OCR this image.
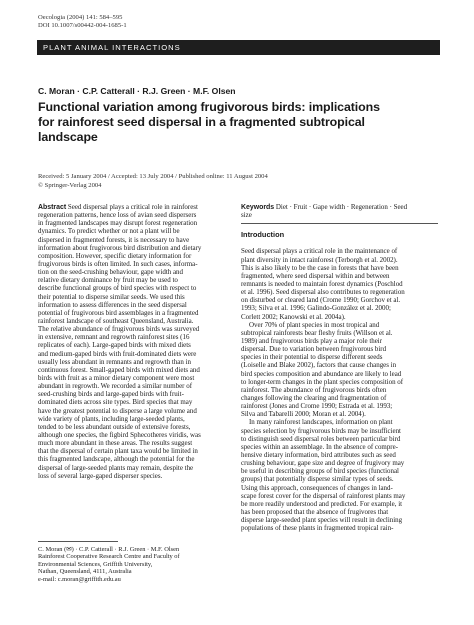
Oecologia (2004) 141: 584–595
DOI 10.1007/s00442-004-1685-1
PLANT ANIMAL INTERACTIONS
C. Moran · C.P. Catterall · R.J. Green · M.F. Olsen
Functional variation among frugivorous birds: implications
for rainforest seed dispersal in a fragmented subtropical
landscape
Received: 5 January 2004 / Accepted: 13 July 2004 / Published online: 11 August 2004
© Springer-Verlag 2004
Abstract Seed dispersal plays a critical role in rainforest
regeneration patterns, hence loss of avian seed dispersers
in fragmented landscapes may disrupt forest regeneration
dynamics. To predict whether or not a plant will be
dispersed in fragmented forests, it is necessary to have
information about frugivorous bird distribution and dietary
composition. However, specific dietary information for
frugivorous birds is often limited. In such cases, informa-
tion on the seed-crushing behaviour, gape width and
relative dietary dominance by fruit may be used to
describe functional groups of bird species with respect to
their potential to disperse similar seeds. We used this
information to assess differences in the seed dispersal
potential of frugivorous bird assemblages in a fragmented
rainforest landscape of southeast Queensland, Australia.
The relative abundance of frugivorous birds was surveyed
in extensive, remnant and regrowth rainforest sites (16
replicates of each). Large-gaped birds with mixed diets
and medium-gaped birds with fruit-dominated diets were
usually less abundant in remnants and regrowth than in
continuous forest. Small-gaped birds with mixed diets and
birds with fruit as a minor dietary component were most
abundant in regrowth. We recorded a similar number of
seed-crushing birds and large-gaped birds with fruit-
dominated diets across site types. Bird species that may
have the greatest potential to disperse a large volume and
wide variety of plants, including large-seeded plants,
tended to be less abundant outside of extensive forests,
although one species, the figbird Sphecotheres viridis, was
much more abundant in these areas. The results suggest
that the dispersal of certain plant taxa would be limited in
this fragmented landscape, although the potential for the
dispersal of large-seeded plants may remain, despite the
loss of several large-gaped disperser species.
Keywords Diet · Fruit · Gape width · Regeneration · Seed
size
Introduction
Seed dispersal plays a critical role in the maintenance of
plant diversity in intact rainforest (Terborgh et al. 2002).
This is also likely to be the case in forests that have been
fragmented, where seed dispersal within and between
remnants is needed to maintain forest dynamics (Poschlod
et al. 1996). Seed dispersal also contributes to regeneration
on disturbed or cleared land (Crome 1990; Gorchov et al.
1993; Silva et al. 1996; Galindo-González et al. 2000;
Corlett 2002; Kanowski et al. 2004a).
Over 70% of plant species in most tropical and
subtropical rainforests bear fleshy fruits (Willson et al.
1989) and frugivorous birds play a major role their
dispersal. Due to variation between frugivorous bird
species in their potential to disperse different seeds
(Loiselle and Blake 2002), factors that cause changes in
bird species composition and abundance are likely to lead
to longer-term changes in the plant species composition of
rainforest. The abundance of frugivorous birds often
changes following the clearing and fragmentation of
rainforest (Jones and Crome 1990; Estrada et al. 1993;
Silva and Tabarelli 2000; Moran et al. 2004).
In many rainforest landscapes, information on plant
species selection by frugivorous birds may be insufficient
to distinguish seed dispersal roles between particular bird
species within an assemblage. In the absence of compre-
hensive dietary information, bird attributes such as seed
crushing behaviour, gape size and degree of frugivory may
be useful in describing groups of bird species (functional
groups) that potentially disperse similar types of seeds.
Using this approach, consequences of changes in land-
scape forest cover for the dispersal of rainforest plants may
be more readily understood and predicted. For example, it
has been proposed that the absence of frugivores that
disperse large-seeded plant species will result in declining
populations of these plants in fragmented tropical rain-
C. Moran (✉) · C.P. Catterall · R.J. Green · M.F. Olsen
Rainforest Cooperative Research Centre and Faculty of
Environmental Sciences, Griffith University,
Nathan, Queensland, 4111, Australia
e-mail: c.moran@griffith.edu.au
